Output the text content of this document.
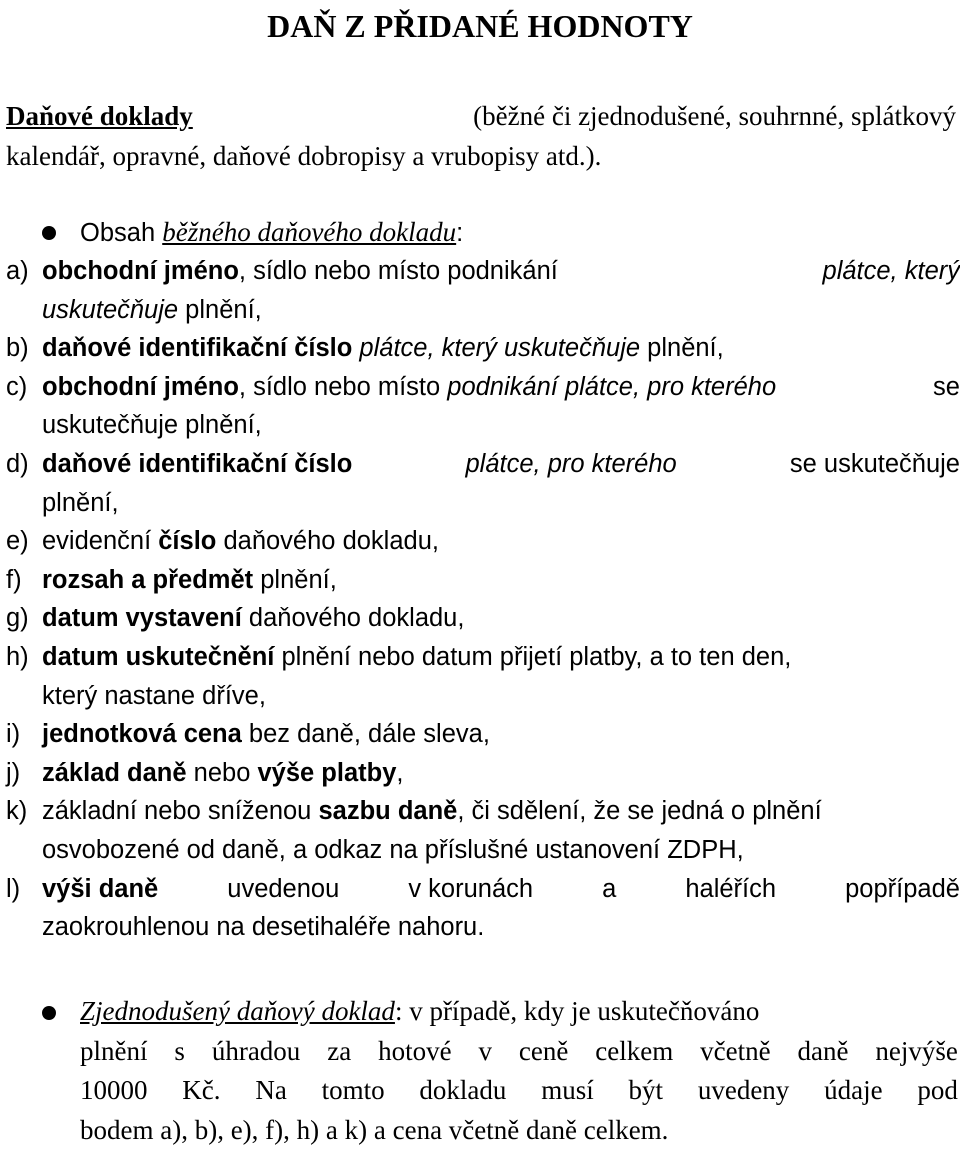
DAŇ Z PŘIDANÉ HODNOTY
Daňové doklady	(běžné či zjednodušené, souhrnné, splátkový
kalendář, opravné, daňové dobropisy a vrubopisy atd.).
Obsah běžného daňového dokladu:
a) obchodní jméno, sídlo nebo místo podnikání	plátce, který
uskutečňuje plnění,
b) daňové identifikační číslo plátce, který uskutečňuje plnění,
c) obchodní jméno, sídlo nebo místo podnikání plátce, pro kterého	se
uskutečňuje plnění,
d) daňové identifikační číslo	plátce, pro kterého	se uskutečňuje
plnění,
e) evidenční číslo daňového dokladu,
f) rozsah a předmět plnění,
g) datum vystavení daňového dokladu,
h) datum uskutečnění plnění nebo datum přijetí platby, a to ten den,
který nastane dříve,
i) jednotková cena bez daně, dále sleva,
j) základ daně nebo výše platby,
k) základní nebo sníženou sazbu daně, či sdělení, že se jedná o plnění
osvobozené od daně, a odkaz na příslušné ustanovení ZDPH,
l) výši daně	uvedenou	v korunách	a	haléřích	popřípadě
zaokrouhlenou na desetihaléře nahoru.
Zjednodušený daňový doklad: v případě, kdy je uskutečňováno
plnění s úhradou za hotové v ceně celkem včetně daně nejvýše
10000 Kč. Na tomto dokladu musí být uvedeny údaje pod
bodem a), b), e), f), h) a k) a cena včetně daně celkem.
